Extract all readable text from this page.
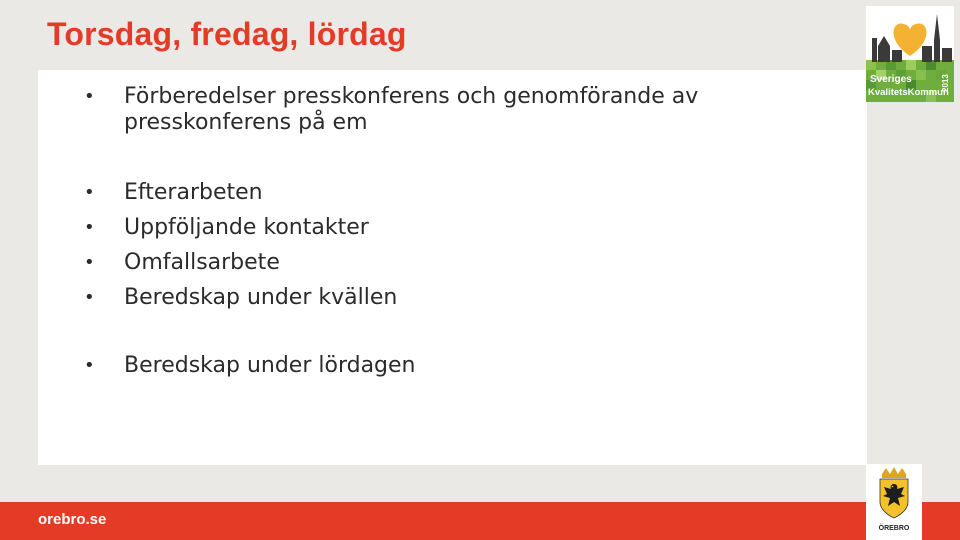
Torsdag, fredag, lördag
• Förberedelser presskonferens och genomförande av presskonferens på em
• Efterarbeten
• Uppföljande kontakter
• Omfallsarbete
• Beredskap under kvällen
• Beredskap under lördagen
Sveriges
KvalitetsKommun
2013
orebro.se
ÖREBRO
